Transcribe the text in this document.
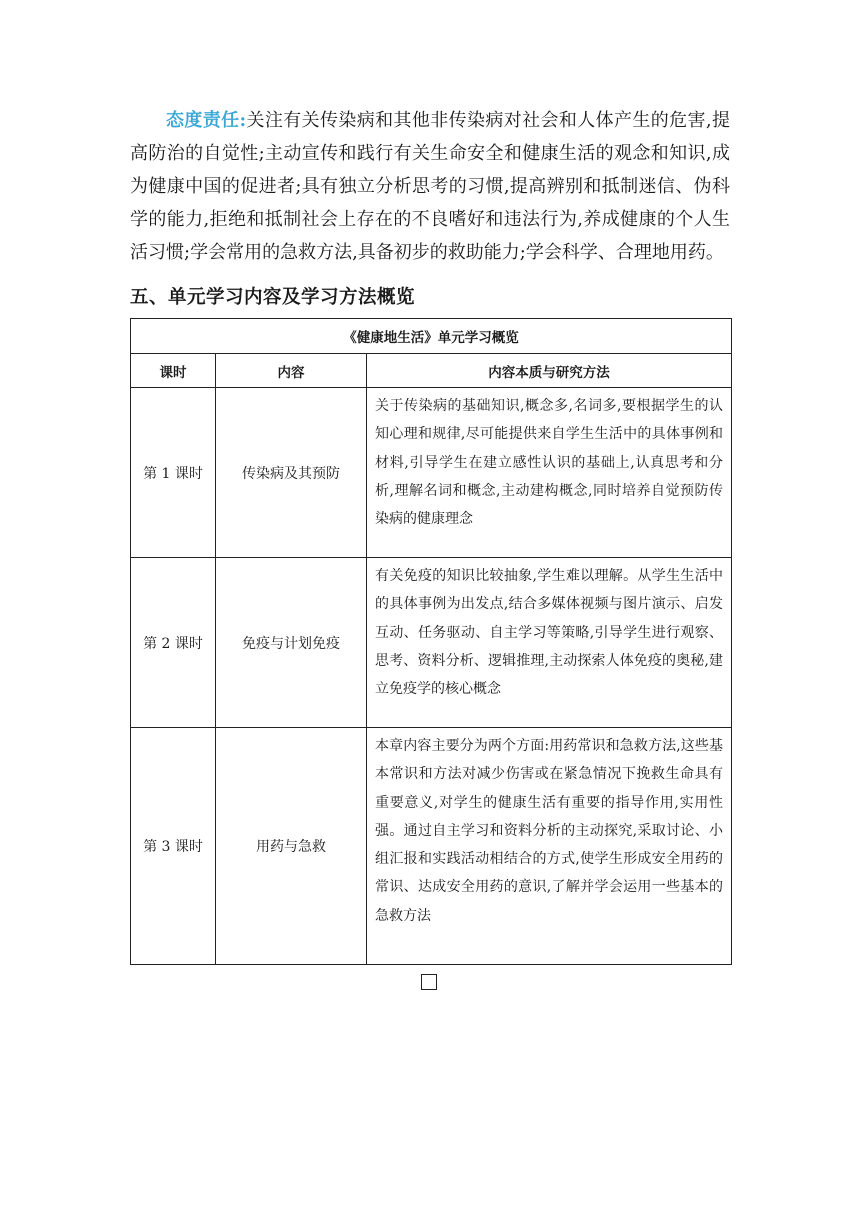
态度责任:关注有关传染病和其他非传染病对社会和人体产生的危害,提高防治的自觉性;主动宣传和践行有关生命安全和健康生活的观念和知识,成为健康中国的促进者;具有独立分析思考的习惯,提高辨别和抵制迷信、伪科学的能力,拒绝和抵制社会上存在的不良嗜好和违法行为,养成健康的个人生活习惯;学会常用的急救方法,具备初步的救助能力;学会科学、合理地用药。

五、单元学习内容及学习方法概览
《健康地生活》单元学习概览		
课时	内容	内容本质与研究方法
第 1 课时	传染病及其预防	关于传染病的基础知识,概念多,名词多,要根据学生的认知心理和规律,尽可能提供来自学生生活中的具体事例和材料,引导学生在建立感性认识的基础上,认真思考和分析,理解名词和概念,主动建构概念,同时培养自觉预防传染病的健康理念
第 2 课时	免疫与计划免疫	有关免疫的知识比较抽象,学生难以理解。从学生生活中的具体事例为出发点,结合多媒体视频与图片演示、启发互动、任务驱动、自主学习等策略,引导学生进行观察、思考、资料分析、逻辑推理,主动探索人体免疫的奥秘,建立免疫学的核心概念
第 3 课时	用药与急救	本章内容主要分为两个方面:用药常识和急救方法,这些基本常识和方法对减少伤害或在紧急情况下挽救生命具有重要意义,对学生的健康生活有重要的指导作用,实用性强。通过自主学习和资料分析的主动探究,采取讨论、小组汇报和实践活动相结合的方式,使学生形成安全用药的常识、达成安全用药的意识,了解并学会运用一些基本的急救方法
